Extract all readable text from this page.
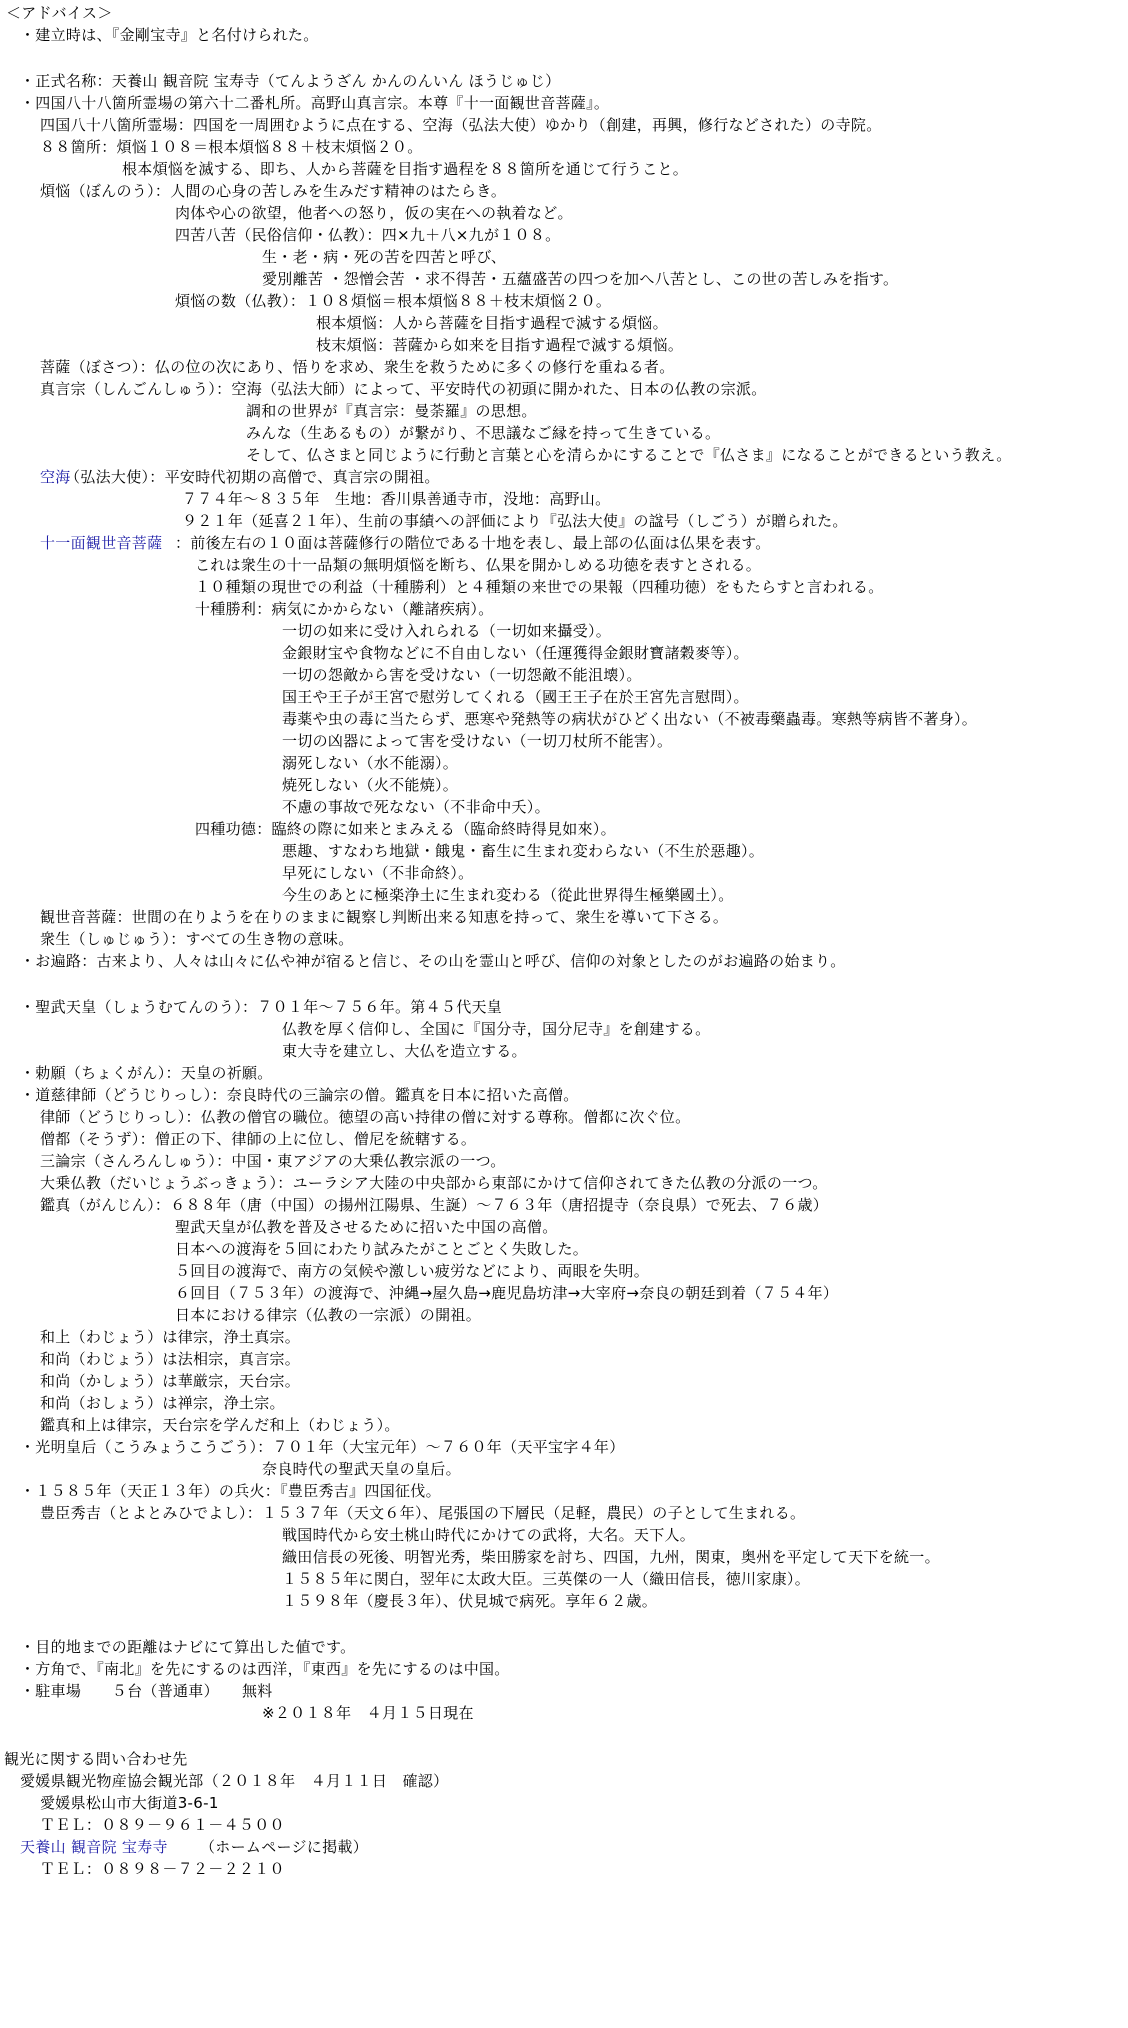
＜アドバイス＞
・建立時は、『金剛宝寺』と名付けられた。
・正式名称：天養山 観音院 宝寿寺（てんようざん かんのんいん ほうじゅじ）
・四国八十八箇所霊場の第六十二番札所。高野山真言宗。本尊『十一面観世音菩薩』。
四国八十八箇所霊場：四国を一周囲むように点在する、空海（弘法大使）ゆかり（創建，再興，修行などされた）の寺院。
８８箇所：煩悩１０８＝根本煩悩８８＋枝末煩悩２０。
根本煩悩を滅する、即ち、人から菩薩を目指す過程を８８箇所を通じて行うこと。
煩悩（ぼんのう）：人間の心身の苦しみを生みだす精神のはたらき。
肉体や心の欲望，他者への怒り，仮の実在への執着など。
四苦八苦（民俗信仰・仏教）：四×九＋八×九が１０８。
生・老・病・死の苦を四苦と呼び、
愛別離苦 ・怨憎会苦 ・求不得苦・五蘊盛苦の四つを加へ八苦とし、この世の苦しみを指す。
煩悩の数（仏教）：１０８煩悩＝根本煩悩８８＋枝末煩悩２０。
根本煩悩：人から菩薩を目指す過程で滅する煩悩。
枝末煩悩：菩薩から如来を目指す過程で滅する煩悩。
菩薩（ぼさつ）：仏の位の次にあり、悟りを求め、衆生を救うために多くの修行を重ねる者。
真言宗（しんごんしゅう）：空海（弘法大師）によって、平安時代の初頭に開かれた、日本の仏教の宗派。
調和の世界が『真言宗：曼荼羅』の思想。
みんな（生あるもの）が繋がり、不思議なご縁を持って生きている。
そして、仏さまと同じように行動と言葉と心を清らかにすることで『仏さま』になることができるという教え。
空海
（弘法大使）：平安時代初期の高僧で、真言宗の開祖。
７７４年～８３５年　生地：香川県善通寺市，没地：高野山。
９２１年（延喜２１年）、生前の事績への評価により『弘法大使』の諡号（しごう）が贈られた。
十一面観世音菩薩 ：前後左右の１０面は菩薩修行の階位である十地を表し、最上部の仏面は仏果を表す。
これは衆生の十一品類の無明煩悩を断ち、仏果を開かしめる功徳を表すとされる。
１０種類の現世での利益（十種勝利）と４種類の来世での果報（四種功徳）をもたらすと言われる。
十種勝利：病気にかからない（離諸疾病）。
一切の如来に受け入れられる（一切如来攝受）。
金銀財宝や食物などに不自由しない（任運獲得金銀財寶諸穀麥等）。
一切の怨敵から害を受けない（一切怨敵不能沮壊）。
国王や王子が王宮で慰労してくれる（國王王子在於王宮先言慰問）。
毒薬や虫の毒に当たらず、悪寒や発熱等の病状がひどく出ない（不被毒藥蟲毒。寒熱等病皆不著身）。
一切の凶器によって害を受けない（一切刀杖所不能害）。
溺死しない（水不能溺）。
焼死しない（火不能焼）。
不慮の事故で死なない（不非命中夭）。
四種功德：臨終の際に如来とまみえる（臨命終時得見如來）。
悪趣、すなわち地獄・餓鬼・畜生に生まれ変わらない（不生於惡趣）。
早死にしない（不非命終）。
今生のあとに極楽浄土に生まれ変わる（從此世界得生極樂國土）。
観世音菩薩：世間の在りようを在りのままに観察し判断出来る知恵を持って、衆生を導いて下さる。
衆生（しゅじゅう）：すべての生き物の意味。
・お遍路：古来より、人々は山々に仏や神が宿ると信じ、その山を霊山と呼び、信仰の対象としたのがお遍路の始まり。
・聖武天皇（しょうむてんのう）：７０１年～７５６年。第４５代天皇
仏教を厚く信仰し、全国に『国分寺，国分尼寺』を創建する。
東大寺を建立し、大仏を造立する。
・勅願（ちょくがん）：天皇の祈願。
・道慈律師（どうじりっし）：奈良時代の三論宗の僧。鑑真を日本に招いた高僧。
律師（どうじりっし）：仏教の僧官の職位。徳望の高い持律の僧に対する尊称。僧都に次ぐ位。
僧都（そうず）：僧正の下、律師の上に位し、僧尼を統轄する。
三論宗（さんろんしゅう）：中国・東アジアの大乗仏教宗派の一つ。
大乗仏教（だいじょうぶっきょう）：ユーラシア大陸の中央部から東部にかけて信仰されてきた仏教の分派の一つ。
鑑真（がんじん）：６８８年（唐（中国）の揚州江陽県、生誕）～７６３年（唐招提寺（奈良県）で死去、７６歳）
聖武天皇が仏教を普及させるために招いた中国の高僧。
日本への渡海を５回にわたり試みたがことごとく失敗した。
５回目の渡海で、南方の気候や激しい疲労などにより、両眼を失明。
６回目（７５３年）の渡海で、沖縄→屋久島→鹿児島坊津→大宰府→奈良の朝廷到着（７５４年）
日本における律宗（仏教の一宗派）の開祖。
和上（わじょう）は律宗，浄土真宗。
和尚（わじょう）は法相宗，真言宗。
和尚（かしょう）は華厳宗，天台宗。
和尚（おしょう）は禅宗，浄土宗。
鑑真和上は律宗，天台宗を学んだ和上（わじょう）。
・光明皇后（こうみょうこうごう）：７０１年（大宝元年）～７６０年（天平宝字４年）
奈良時代の聖武天皇の皇后。
・１５８５年（天正１３年）の兵火：『豊臣秀吉』四国征伐。
豊臣秀吉（とよとみひでよし）：１５３７年（天文６年）、尾張国の下層民（足軽，農民）の子として生まれる。
戦国時代から安土桃山時代にかけての武将，大名。天下人。
織田信長の死後、明智光秀，柴田勝家を討ち、四国，九州，関東，奥州を平定して天下を統一。
１５８５年に関白，翌年に太政大臣。三英傑の一人（織田信長，徳川家康）。
１５９８年（慶長３年）、伏見城で病死。享年６２歳。
・目的地までの距離はナビにて算出した値です。
・方角で、『南北』を先にするのは西洋，『東西』を先にするのは中国。
・駐車場　　５台（普通車）　　無料
※２０１８年　４月１５日現在
観光に関する問い合わせ先
愛媛県観光物産協会観光部（２０１８年　４月１１日　確認）
愛媛県松山市大街道3-6-1
ＴＥＬ：０８９－９６１－４５００
天養山 観音院 宝寿寺 （ホームページに掲載）
ＴＥＬ：０８９８－７２－２２１０
